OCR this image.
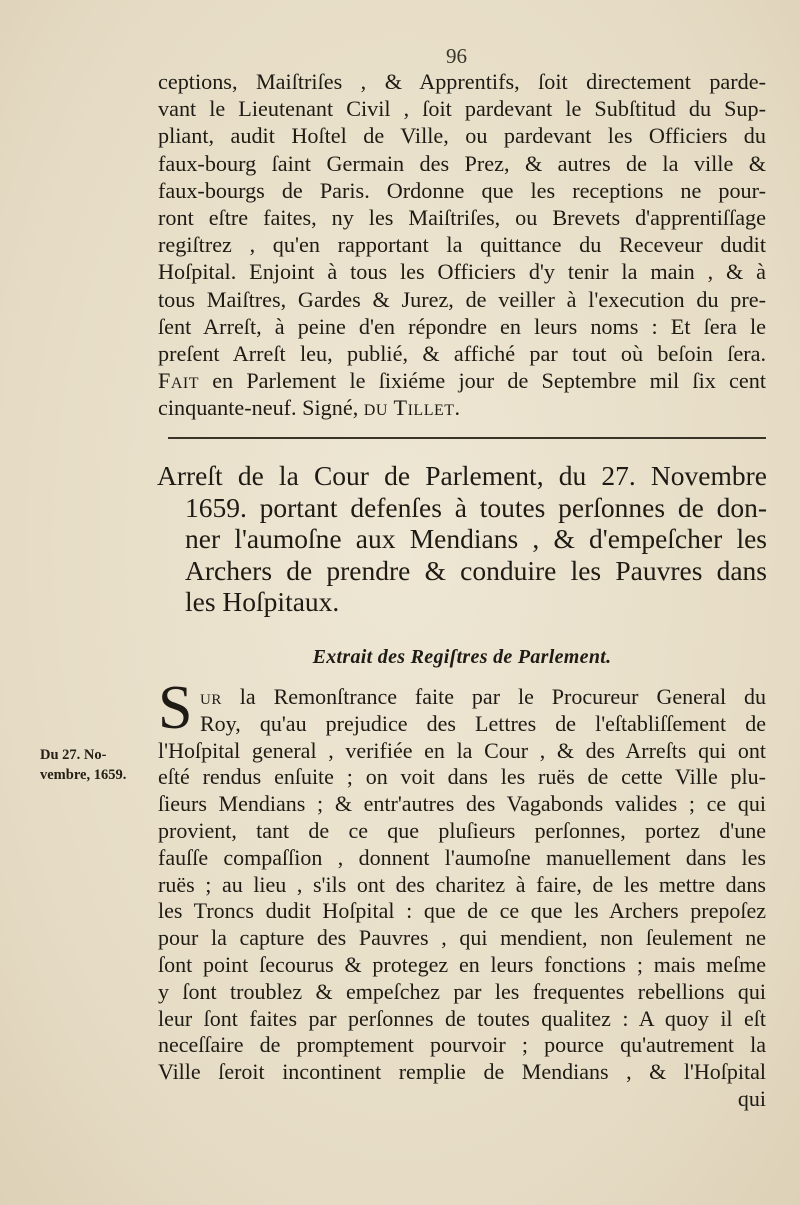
96
ceptions, Maiſtriſes , & Apprentifs, ſoit directement parde-
vant le Lieutenant Civil , ſoit pardevant le Subſtitud du Sup-
pliant, audit Hoſtel de Ville, ou pardevant les Officiers du
faux-bourg ſaint Germain des Prez, & autres de la ville &
faux-bourgs de Paris. Ordonne que les receptions ne pour-
ront eſtre faites, ny les Maiſtriſes, ou Brevets d'apprentiſſage
regiſtrez , qu'en rapportant la quittance du Receveur dudit
Hoſpital. Enjoint à tous les Officiers d'y tenir la main , & à
tous Maiſtres, Gardes & Jurez, de veiller à l'execution du pre-
ſent Arreſt, à peine d'en répondre en leurs noms : Et ſera le
preſent Arreſt leu, publié, & affiché par tout où beſoin ſera.
Fait en Parlement le ſixiéme jour de Septembre mil ſix cent
cinquante-neuf. Signé, du Tillet.
Arreſt de la Cour de Parlement, du 27. Novembre
1659. portant defenſes à toutes perſonnes de don-
ner l'aumoſne aux Mendians , & d'empeſcher les
Archers de prendre & conduire les Pauvres dans
les Hoſpitaux.
Extrait des Regiſtres de Parlement.
S ur la Remonſtrance faite par le Procureur General du
Roy, qu'au prejudice des Lettres de l'eſtabliſſement de
l'Hoſpital general , verifiée en la Cour , & des Arreſts qui ont
eſté rendus enſuite ; on voit dans les ruës de cette Ville plu-
ſieurs Mendians ; & entr'autres des Vagabonds valides ; ce qui
provient, tant de ce que pluſieurs perſonnes, portez d'une
fauſſe compaſſion , donnent l'aumoſne manuellement dans les
ruës ; au lieu , s'ils ont des charitez à faire, de les mettre dans
les Troncs dudit Hoſpital : que de ce que les Archers prepoſez
pour la capture des Pauvres , qui mendient, non ſeulement ne
ſont point ſecourus & protegez en leurs fonctions ; mais meſme
y ſont troublez & empeſchez par les frequentes rebellions qui
leur ſont faites par perſonnes de toutes qualitez : A quoy il eſt
neceſſaire de promptement pourvoir ; pource qu'autrement la
Ville ſeroit incontinent remplie de Mendians , & l'Hoſpital
qui
Du 27. No-
vembre, 1659.
